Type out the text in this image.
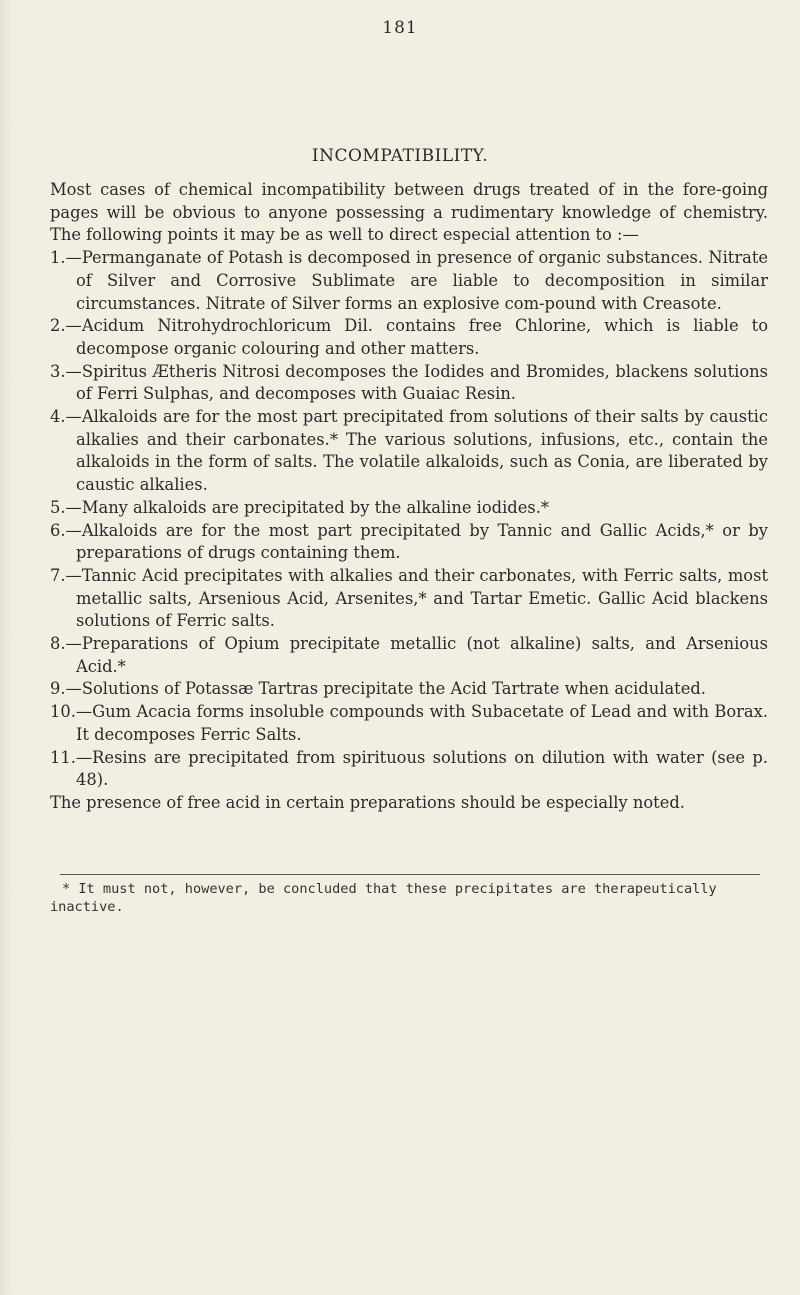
181
INCOMPATIBILITY.

Most cases of chemical incompatibility between drugs treated of in the fore-going pages will be obvious to anyone possessing a rudimentary knowledge of chemistry. The following points it may be as well to direct especial attention to :—

1.—Permanganate of Potash is decomposed in presence of organic substances. Nitrate of Silver and Corrosive Sublimate are liable to decomposition in similar circumstances. Nitrate of Silver forms an explosive com-pound with Creasote.

2.—Acidum Nitrohydrochloricum Dil. contains free Chlorine, which is liable to decompose organic colouring and other matters.

3.—Spiritus Ætheris Nitrosi decomposes the Iodides and Bromides, blackens solutions of Ferri Sulphas, and decomposes with Guaiac Resin.

4.—Alkaloids are for the most part precipitated from solutions of their salts by caustic alkalies and their carbonates.* The various solutions, infusions, etc., contain the alkaloids in the form of salts. The volatile alkaloids, such as Conia, are liberated by caustic alkalies.

5.—Many alkaloids are precipitated by the alkaline iodides.*

6.—Alkaloids are for the most part precipitated by Tannic and Gallic Acids,* or by preparations of drugs containing them.

7.—Tannic Acid precipitates with alkalies and their carbonates, with Ferric salts, most metallic salts, Arsenious Acid, Arsenites,* and Tartar Emetic. Gallic Acid blackens solutions of Ferric salts.

8.—Preparations of Opium precipitate metallic (not alkaline) salts, and Arsenious Acid.*

9.—Solutions of Potassæ Tartras precipitate the Acid Tartrate when acidulated.

10.—Gum Acacia forms insoluble compounds with Subacetate of Lead and with Borax. It decomposes Ferric Salts.

11.—Resins are precipitated from spirituous solutions on dilution with water (see p. 48).

The presence of free acid in certain preparations should be especially noted.

* It must not, however, be concluded that these precipitates are therapeutically inactive.
